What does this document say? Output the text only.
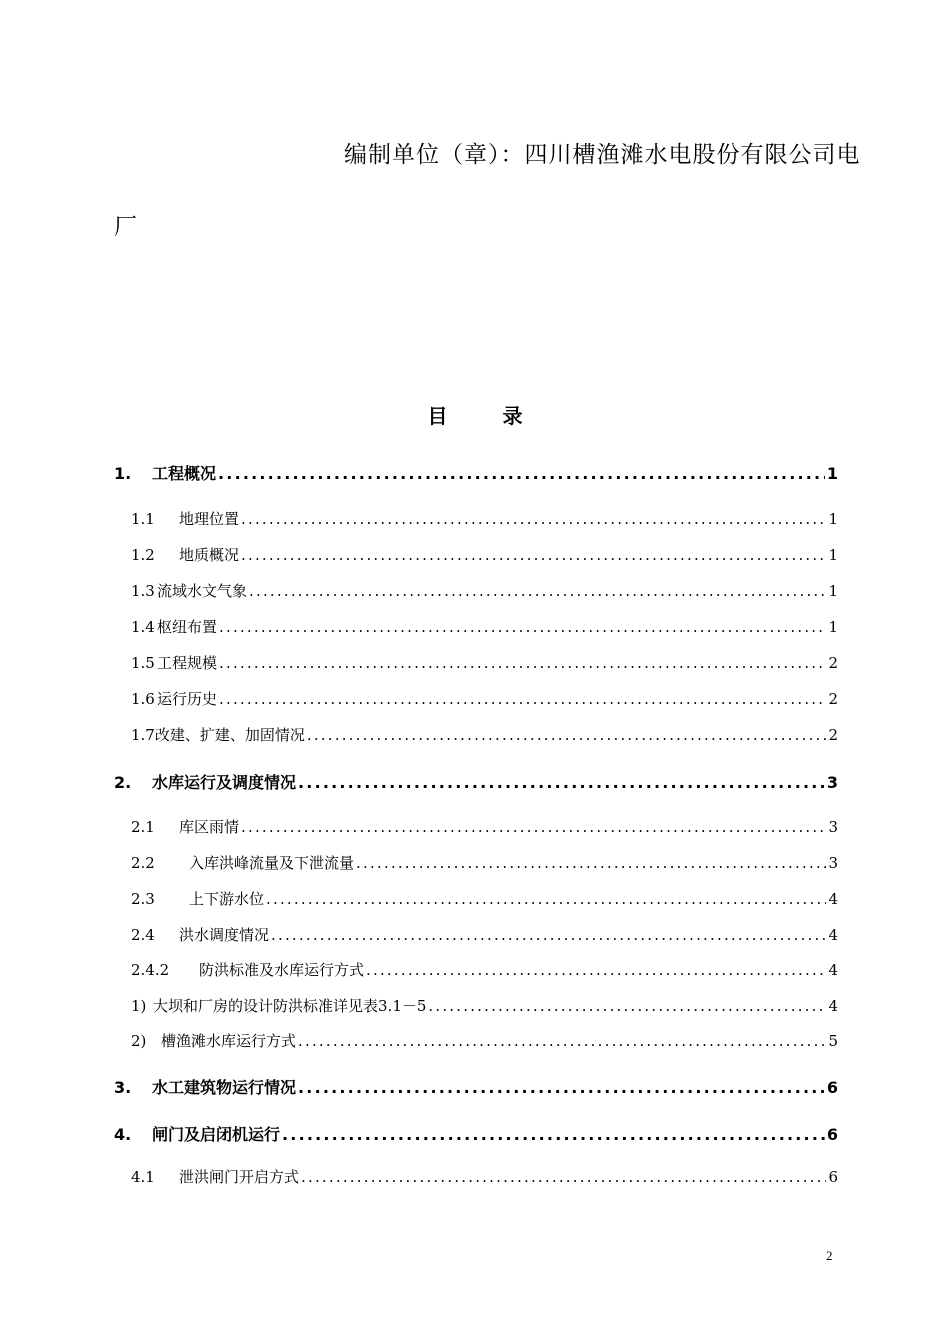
编制单位（章）：四川槽渔滩水电股份有限公司电
厂
目 录
1.	工程概况 .....	1
1.1	地理位置 .....	1
1.2	地质概况 .....	1
1.3 流域水文气象 .....	1
1.4 枢纽布置 .....	1
1.5 工程规模 .....	2
1.6 运行历史 .....	2
1.7 改建、扩建、加固情况 .....	2
2.	水库运行及调度情况 .....	3
2.1	库区雨情 .....	3
2.2	入库洪峰流量及下泄流量 .....	3
2.3	上下游水位 .....	4
2.4	洪水调度情况 .....	4
2.4.2	防洪标准及水库运行方式 .....	4
1) 大坝和厂房的设计防洪标准详见表3.1－5 .....	4
2) 槽渔滩水库运行方式 .....	5
3.	水工建筑物运行情况 .....	6
4.	闸门及启闭机运行 .....	6
4.1	泄洪闸门开启方式 .....	6
2
